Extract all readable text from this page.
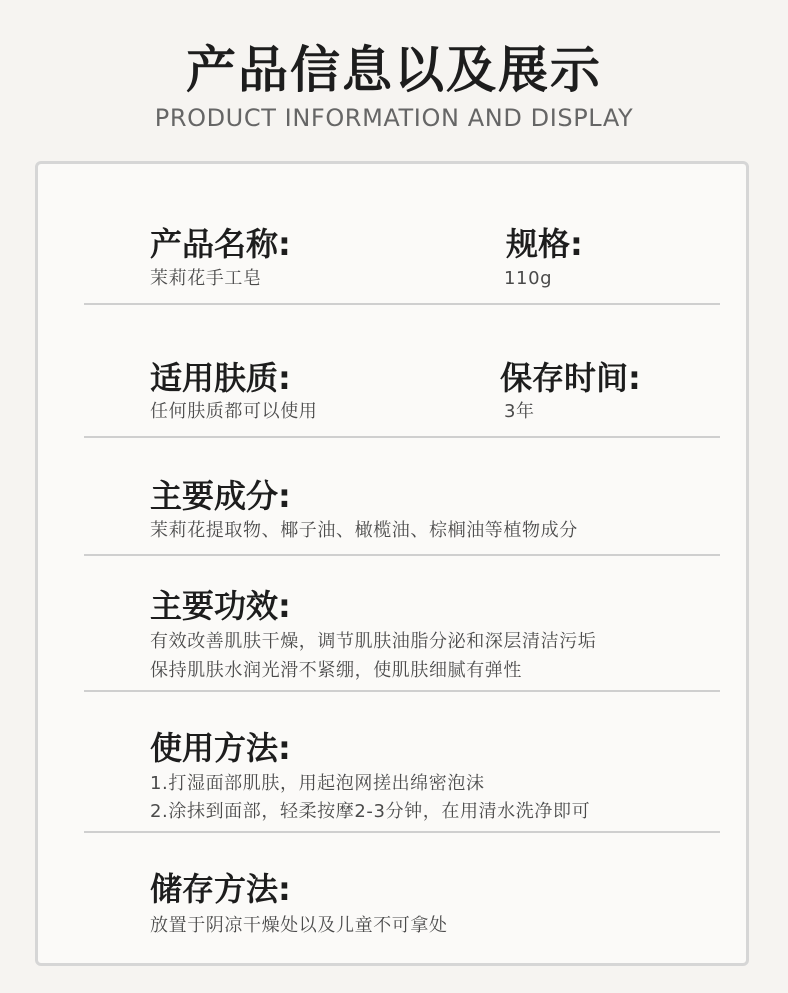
产品信息以及展示
PRODUCT INFORMATION AND DISPLAY
产品名称:
茉莉花手工皂
规格:
110g
适用肤质:
任何肤质都可以使用
保存时间:
3年
主要成分:
茉莉花提取物、椰子油、橄榄油、棕榈油等植物成分
主要功效:
有效改善肌肤干燥，调节肌肤油脂分泌和深层清洁污垢
保持肌肤水润光滑不紧绷，使肌肤细腻有弹性
使用方法:
1.打湿面部肌肤，用起泡网搓出绵密泡沫
2.涂抹到面部，轻柔按摩2-3分钟，在用清水洗净即可
储存方法:
放置于阴凉干燥处以及儿童不可拿处
